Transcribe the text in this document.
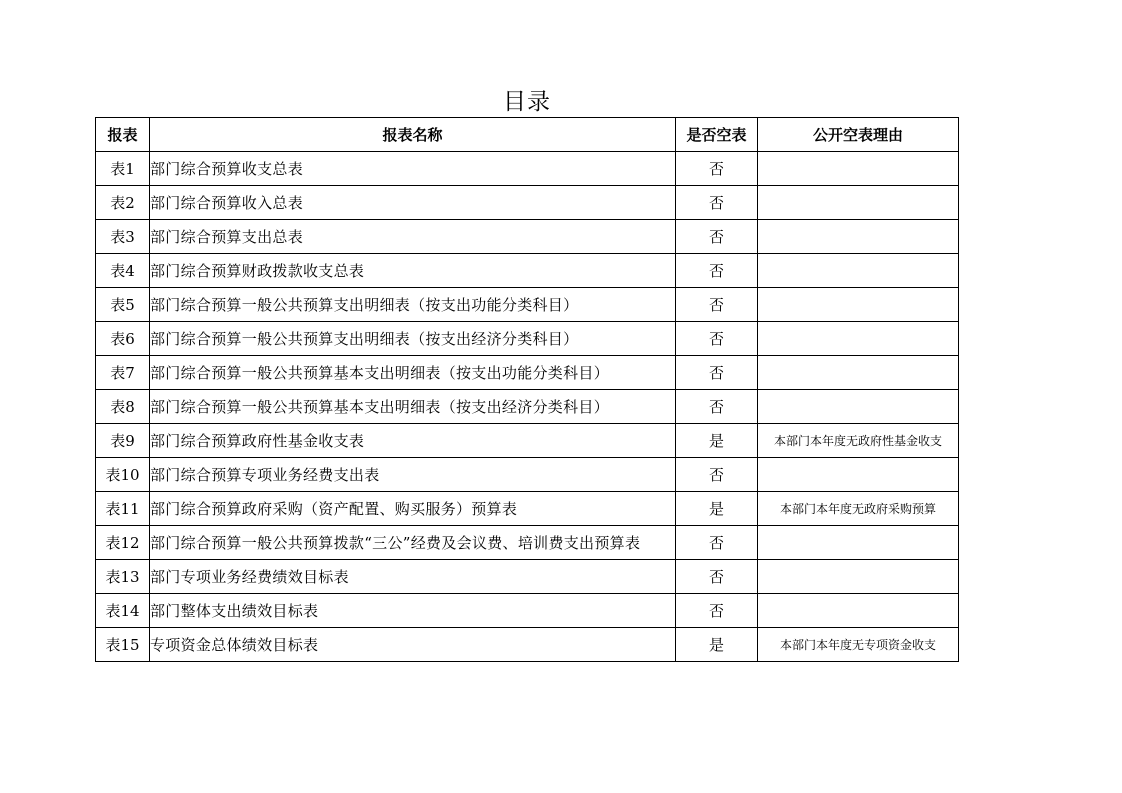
目录
报表	报表名称	是否空表	公开空表理由
表1	部门综合预算收支总表	否	
表2	部门综合预算收入总表	否	
表3	部门综合预算支出总表	否	
表4	部门综合预算财政拨款收支总表	否	
表5	部门综合预算一般公共预算支出明细表（按支出功能分类科目）	否	
表6	部门综合预算一般公共预算支出明细表（按支出经济分类科目）	否	
表7	部门综合预算一般公共预算基本支出明细表（按支出功能分类科目）	否	
表8	部门综合预算一般公共预算基本支出明细表（按支出经济分类科目）	否	
表9	部门综合预算政府性基金收支表	是	本部门本年度无政府性基金收支
表10	部门综合预算专项业务经费支出表	否	
表11	部门综合预算政府采购（资产配置、购买服务）预算表	是	本部门本年度无政府采购预算
表12	部门综合预算一般公共预算拨款“三公”经费及会议费、培训费支出预算表	否	
表13	部门专项业务经费绩效目标表	否	
表14	部门整体支出绩效目标表	否	
表15	专项资金总体绩效目标表	是	本部门本年度无专项资金收支
